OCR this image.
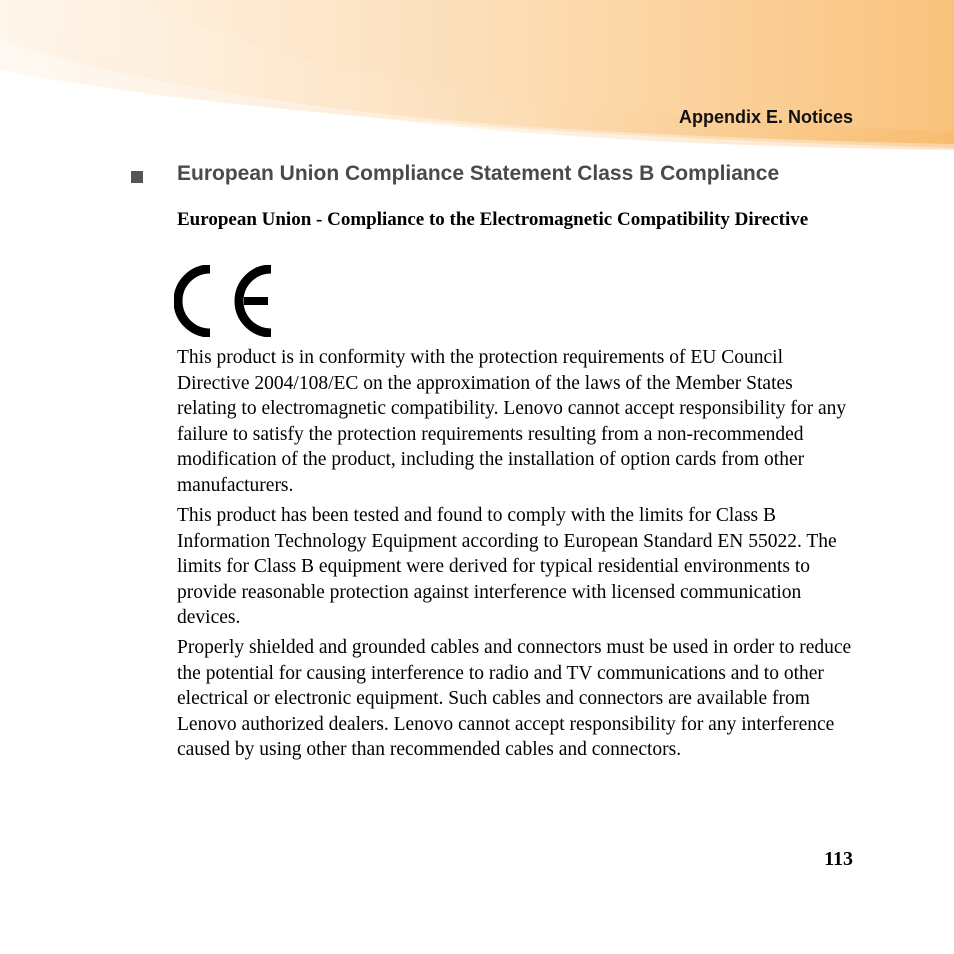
Appendix E. Notices
European Union Compliance Statement Class B Compliance
European Union - Compliance to the Electromagnetic Compatibility Directive

This product is in conformity with the protection requirements of EU Council Directive 2004/108/EC on the approximation of the laws of the Member States relating to electromagnetic compatibility. Lenovo cannot accept responsibility for any failure to satisfy the protection requirements resulting from a non-recommended modification of the product, including the installation of option cards from other manufacturers.

This product has been tested and found to comply with the limits for Class B Information Technology Equipment according to European Standard EN 55022. The limits for Class B equipment were derived for typical residential environments to provide reasonable protection against interference with licensed communication devices.

Properly shielded and grounded cables and connectors must be used in order to reduce the potential for causing interference to radio and TV communications and to other electrical or electronic equipment. Such cables and connectors are available from Lenovo authorized dealers. Lenovo cannot accept responsibility for any interference caused by using other than recommended cables and connectors.

113
